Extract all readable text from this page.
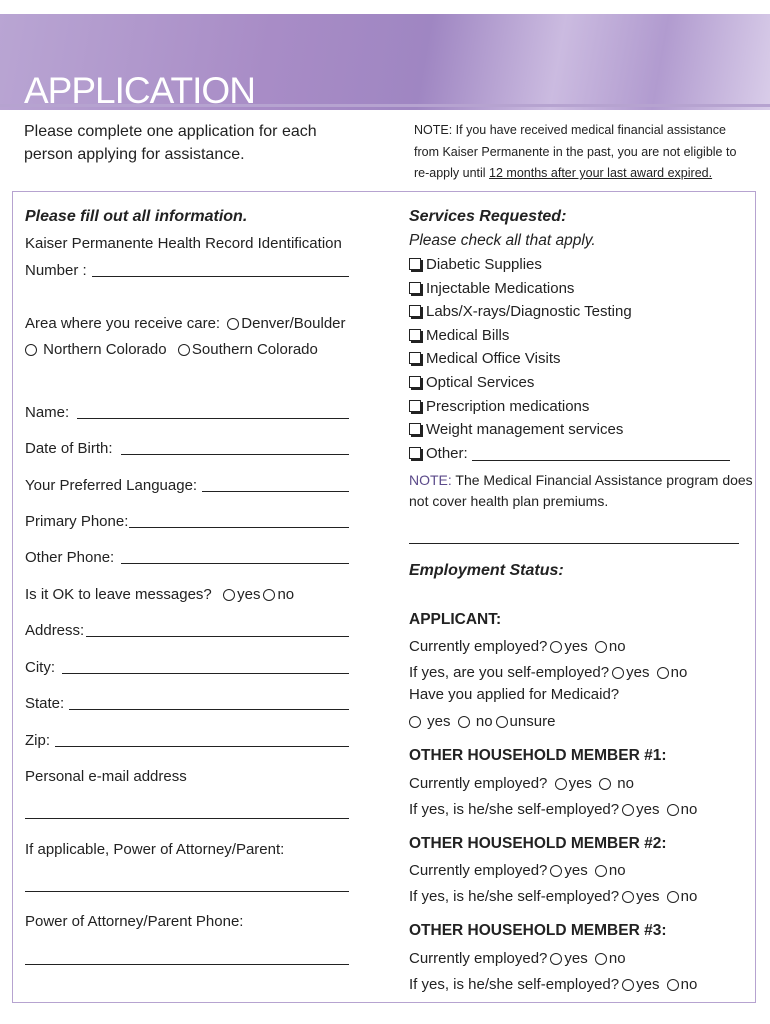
APPLICATION
Please complete one application for each person applying for assistance.
NOTE: If you have received medical financial assistance from Kaiser Permanente in the past, you are not eligible to re-apply until 12 months after your last award expired.
Please fill out all information.
Kaiser Permanente Health Record Identification
Number :
Area where you receive care: Denver/Boulder
Northern Colorado Southern Colorado
Name:
Date of Birth:
Your Preferred Language:
Primary Phone:
Other Phone:
Is it OK to leave messages? yes no
Address:
City:
State:
Zip:
Personal e-mail address
If applicable, Power of Attorney/Parent:
Power of Attorney/Parent Phone:
Services Requested:
Please check all that apply.
Diabetic Supplies
Injectable Medications
Labs/X-rays/Diagnostic Testing
Medical Bills
Medical Office Visits
Optical Services
Prescription medications
Weight management services
Other:
NOTE: The Medical Financial Assistance program does
not cover health plan premiums.
Employment Status:
APPLICANT:
Currently employed? yes no
If yes, are you self-employed? yes no
Have you applied for Medicaid?
yes no unsure
OTHER HOUSEHOLD MEMBER #1:
Currently employed? yes no
If yes, is he/she self-employed? yes no
OTHER HOUSEHOLD MEMBER #2:
Currently employed? yes no
If yes, is he/she self-employed? yes no
OTHER HOUSEHOLD MEMBER #3:
Currently employed? yes no
If yes, is he/she self-employed? yes no
